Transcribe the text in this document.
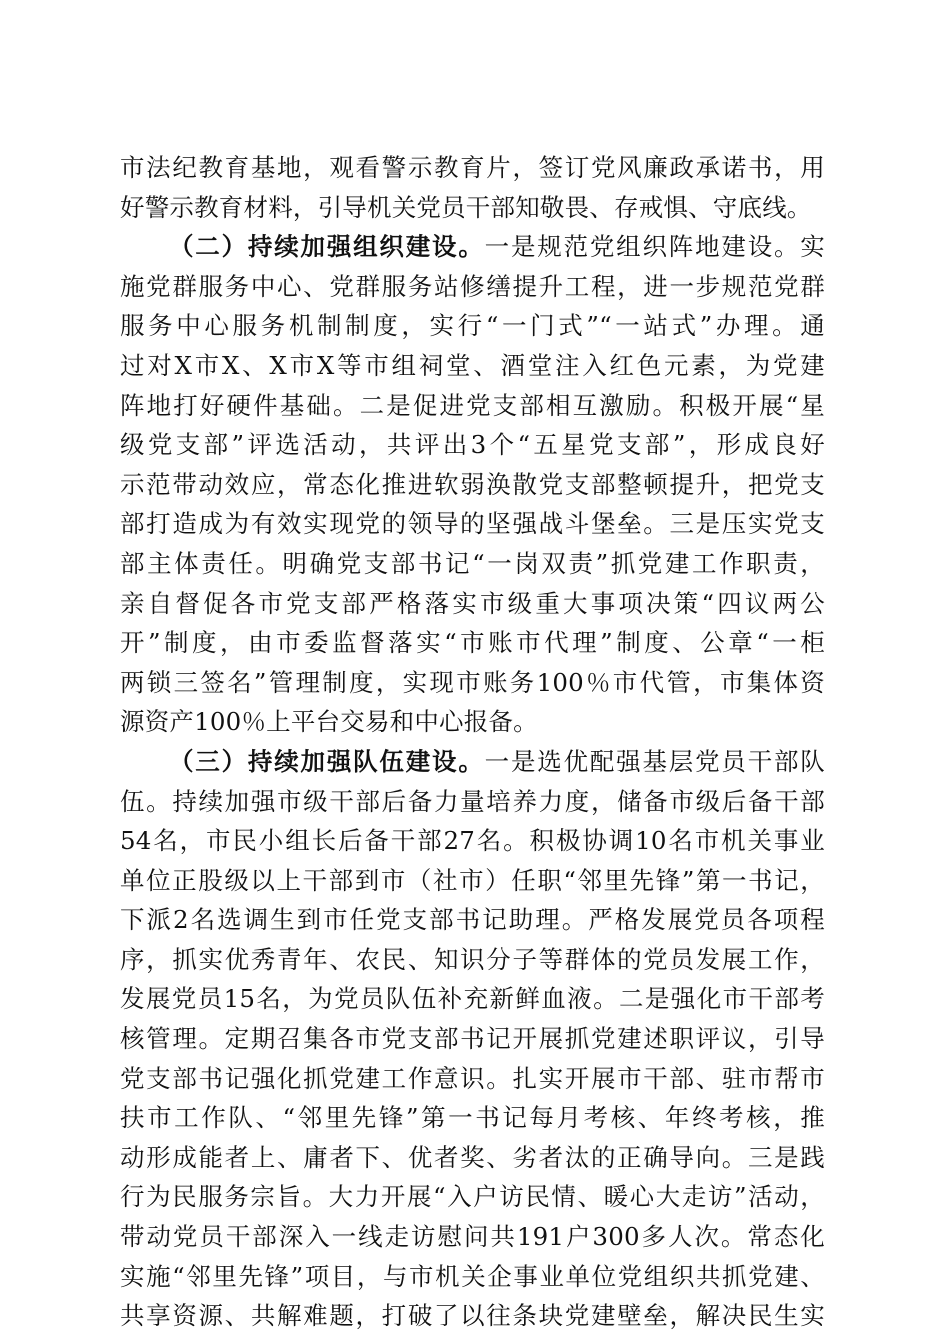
市法纪教育基地，观看警示教育片，签订党风廉政承诺书，用
好警示教育材料，引导机关党员干部知敬畏、存戒惧、守底线。
（二）持续加强组织建设。一是规范党组织阵地建设。实
施党群服务中心、党群服务站修缮提升工程，进一步规范党群
服务中心服务机制制度，实行“一门式”“一站式”办理。通
过对X市X、X市X等市组祠堂、酒堂注入红色元素，为党建
阵地打好硬件基础。二是促进党支部相互激励。积极开展“星
级党支部”评选活动，共评出3个“五星党支部”，形成良好
示范带动效应，常态化推进软弱涣散党支部整顿提升，把党支
部打造成为有效实现党的领导的坚强战斗堡垒。三是压实党支
部主体责任。明确党支部书记“一岗双责”抓党建工作职责，
亲自督促各市党支部严格落实市级重大事项决策“四议两公
开”制度，由市委监督落实“市账市代理”制度、公章“一柜
两锁三签名”管理制度，实现市账务100％市代管，市集体资
源资产100％上平台交易和中心报备。
（三）持续加强队伍建设。一是选优配强基层党员干部队
伍。持续加强市级干部后备力量培养力度，储备市级后备干部
54名，市民小组长后备干部27名。积极协调10名市机关事业
单位正股级以上干部到市（社市）任职“邻里先锋”第一书记，
下派2名选调生到市任党支部书记助理。严格发展党员各项程
序，抓实优秀青年、农民、知识分子等群体的党员发展工作，
发展党员15名，为党员队伍补充新鲜血液。二是强化市干部考
核管理。定期召集各市党支部书记开展抓党建述职评议，引导
党支部书记强化抓党建工作意识。扎实开展市干部、驻市帮市
扶市工作队、“邻里先锋”第一书记每月考核、年终考核，推
动形成能者上、庸者下、优者奖、劣者汰的正确导向。三是践
行为民服务宗旨。大力开展“入户访民情、暖心大走访”活动，
带动党员干部深入一线走访慰问共191户300多人次。常态化
实施“邻里先锋”项目，与市机关企事业单位党组织共抓党建、
共享资源、共解难题，打破了以往条块党建壁垒，解决民生实
